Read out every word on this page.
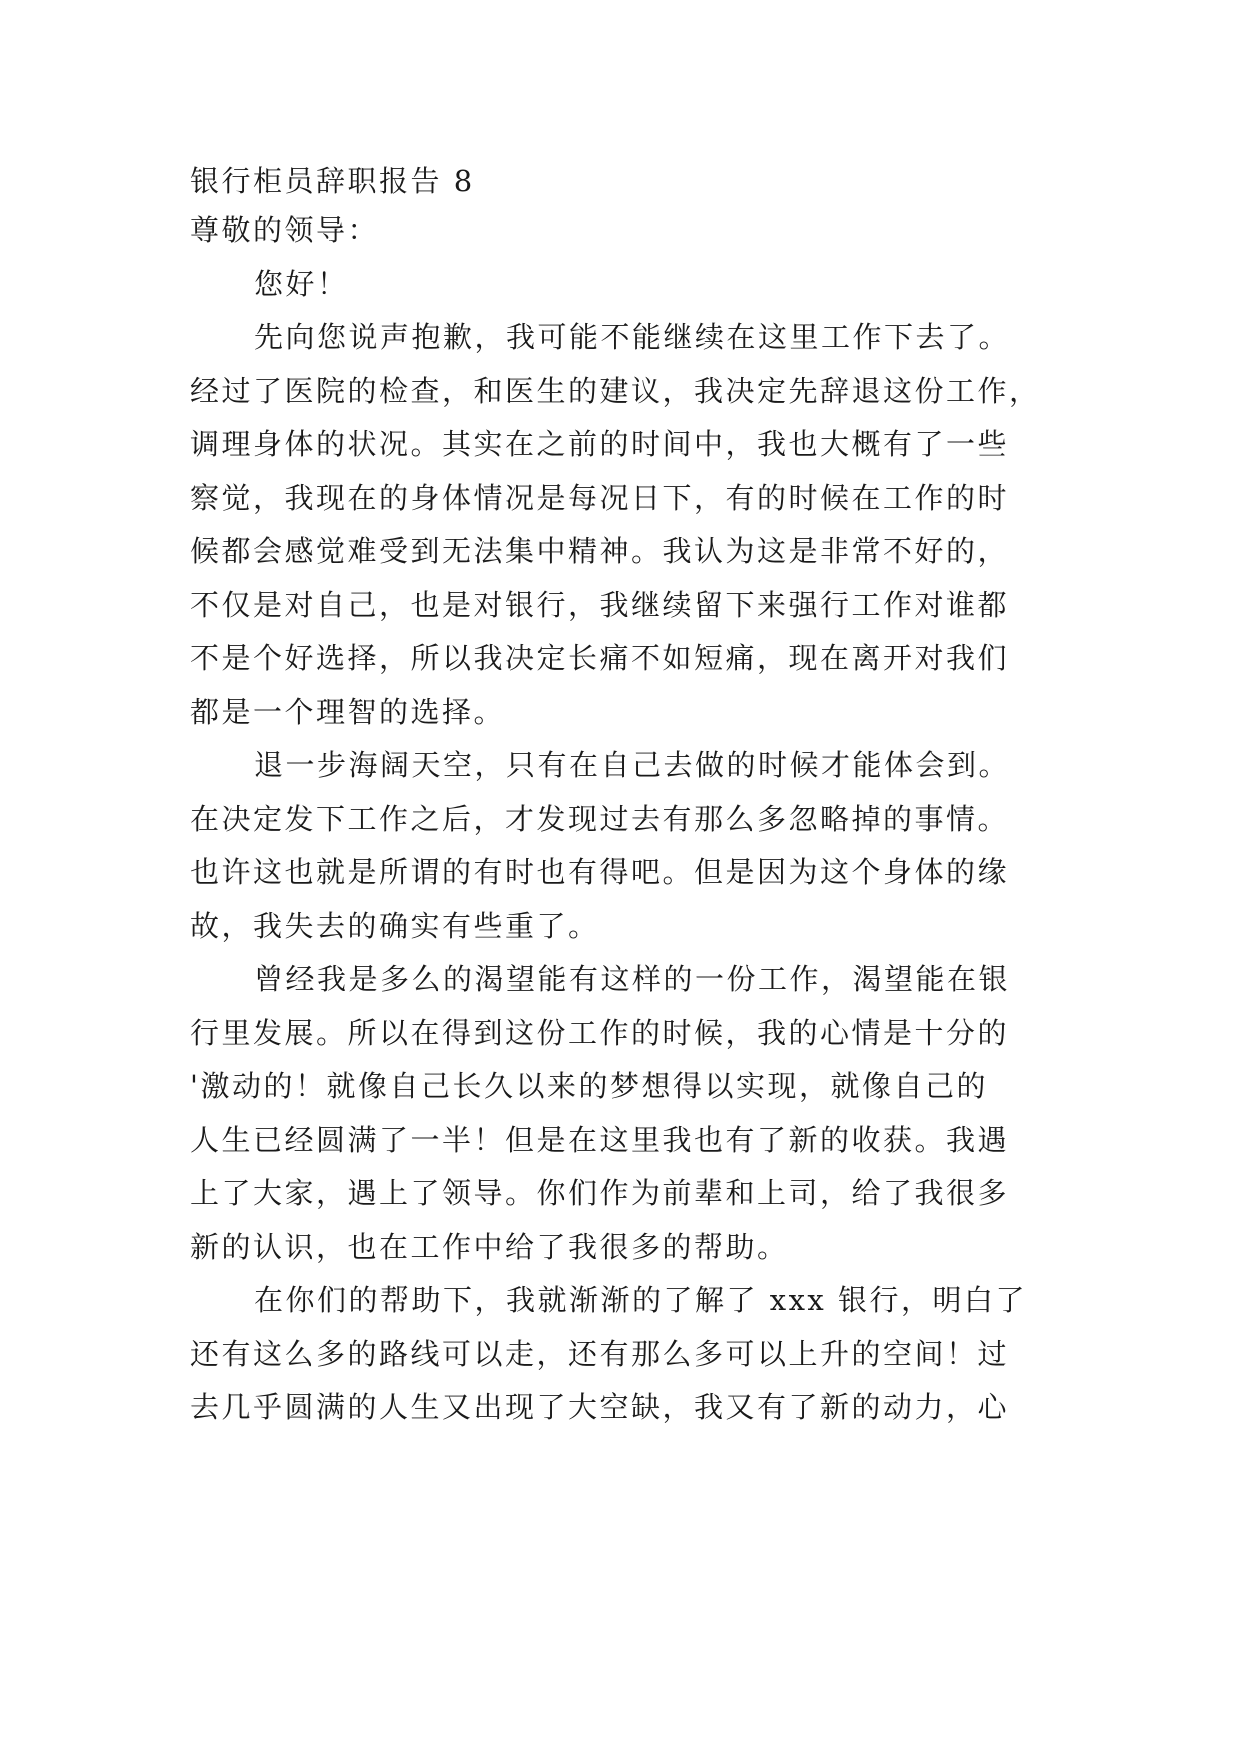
银行柜员辞职报告 8

尊敬的领导：

您好！

先向您说声抱歉，我可能不能继续在这里工作下去了。

经过了医院的检查，和医生的建议，我决定先辞退这份工作，

调理身体的状况。其实在之前的时间中，我也大概有了一些

察觉，我现在的身体情况是每况日下，有的时候在工作的时

候都会感觉难受到无法集中精神。我认为这是非常不好的，

不仅是对自己，也是对银行，我继续留下来强行工作对谁都

不是个好选择，所以我决定长痛不如短痛，现在离开对我们

都是一个理智的选择。

退一步海阔天空，只有在自己去做的时候才能体会到。

在决定发下工作之后，才发现过去有那么多忽略掉的事情。

也许这也就是所谓的有时也有得吧。但是因为这个身体的缘

故，我失去的确实有些重了。

曾经我是多么的渴望能有这样的一份工作，渴望能在银

行里发展。所以在得到这份工作的时候，我的心情是十分的

'激动的！就像自己长久以来的梦想得以实现，就像自己的

人生已经圆满了一半！但是在这里我也有了新的收获。我遇

上了大家，遇上了领导。你们作为前辈和上司，给了我很多

新的认识，也在工作中给了我很多的帮助。

在你们的帮助下，我就渐渐的了解了 xxx 银行，明白了

还有这么多的路线可以走，还有那么多可以上升的空间！过

去几乎圆满的人生又出现了大空缺，我又有了新的动力，心
